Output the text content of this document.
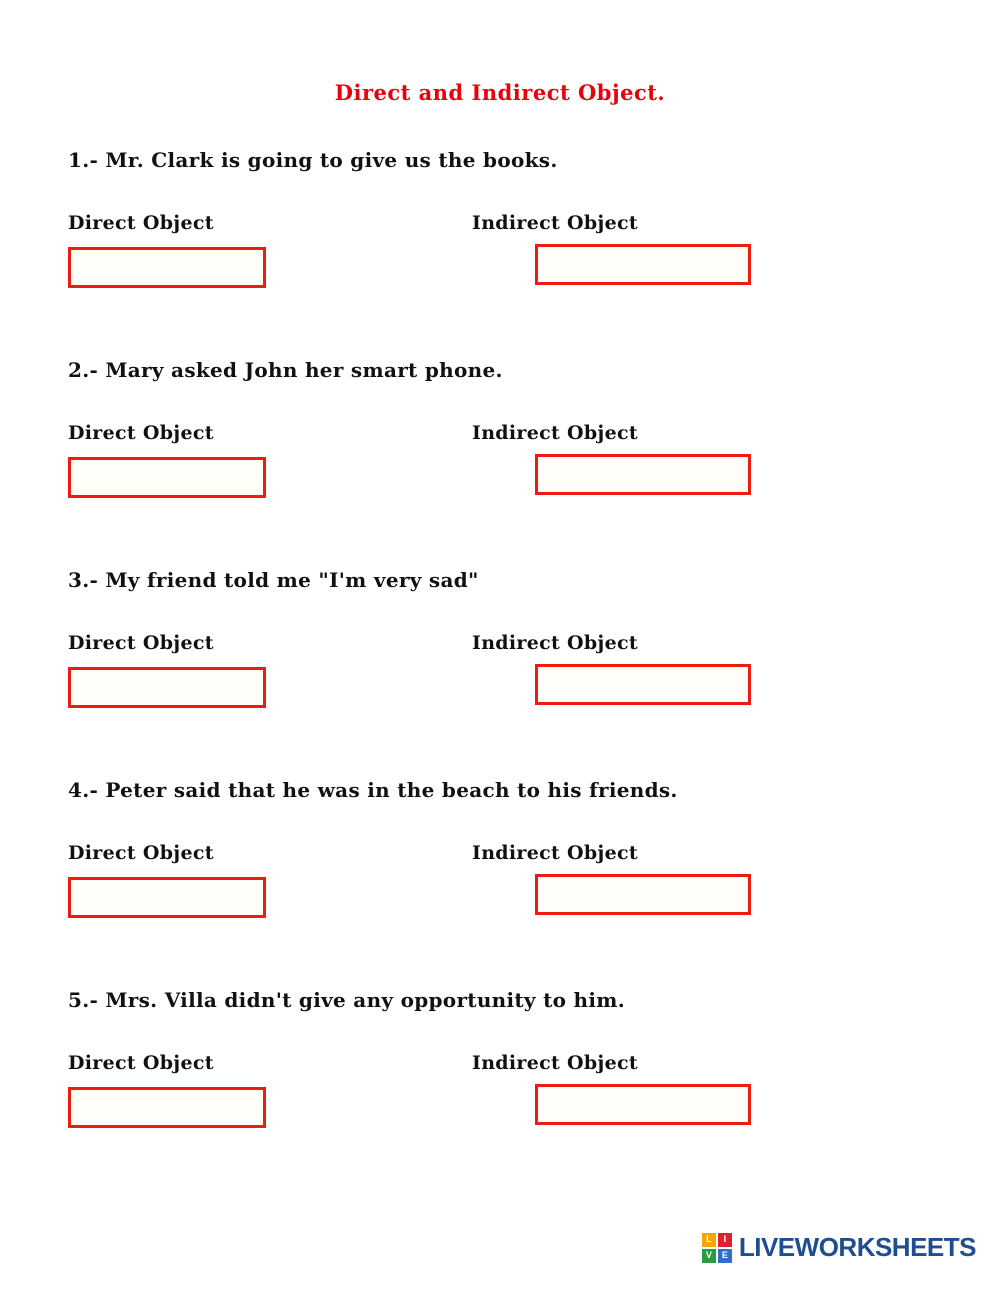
Direct and Indirect Object.
1.- Mr. Clark is going to give us the books.
Direct Object	Indirect Object
2.- Mary asked John her smart phone.
Direct Object	Indirect Object
3.- My friend told me "I'm very sad"
Direct Object	Indirect Object
4.- Peter said that he was in the beach to his friends.
Direct Object	Indirect Object
5.- Mrs. Villa didn't give any opportunity to him.
Direct Object	Indirect Object
L	I
V	E LIVEWORKSHEETS
